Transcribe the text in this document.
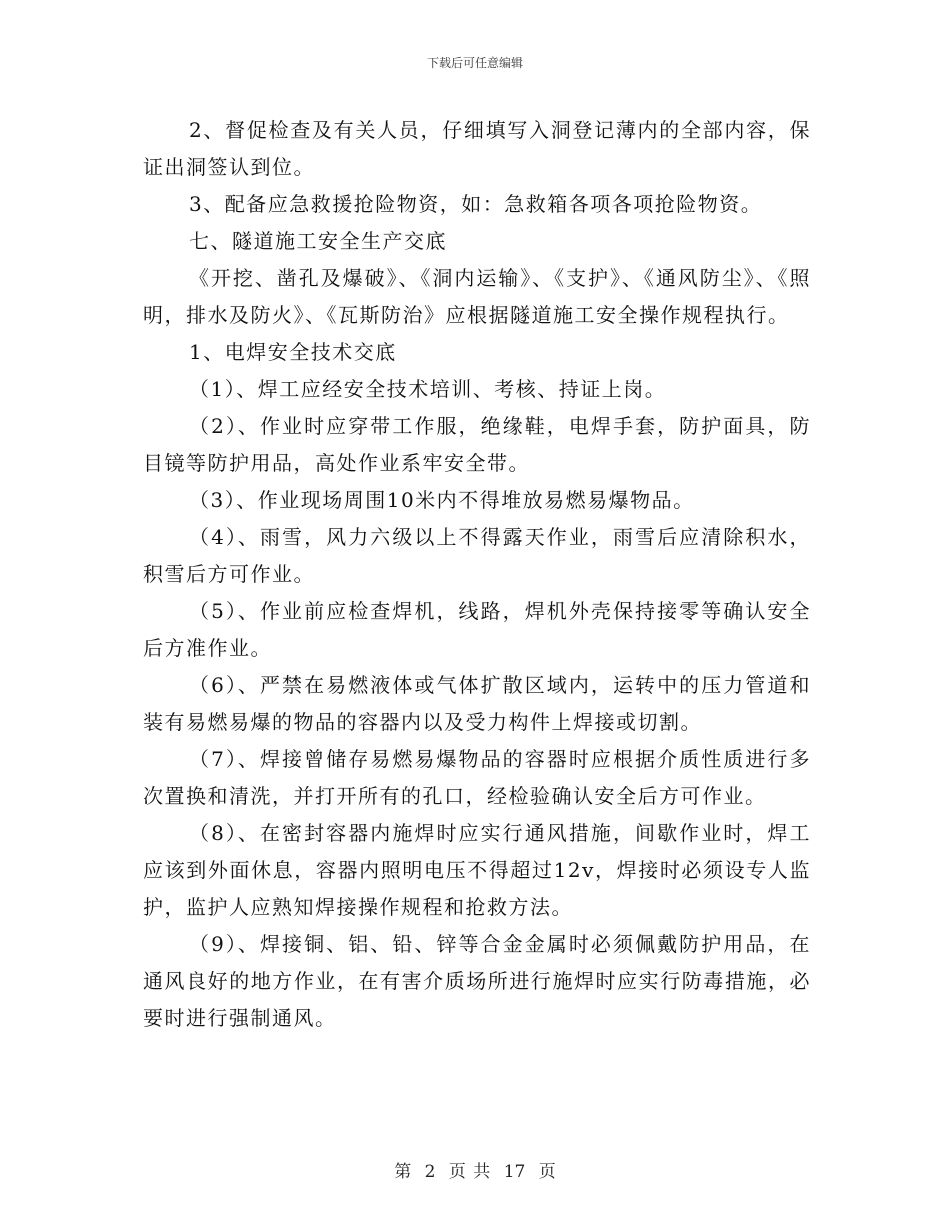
下载后可任意编辑

2、督促检查及有关人员，仔细填写入洞登记薄内的全部内容，保证出洞签认到位。

3、配备应急救援抢险物资，如：急救箱各项各项抢险物资。

七、隧道施工安全生产交底

《开挖、凿孔及爆破》、《洞内运输》、《支护》、《通风防尘》、《照明，排水及防火》、《瓦斯防治》应根据隧道施工安全操作规程执行。

1、电焊安全技术交底

（1）、焊工应经安全技术培训、考核、持证上岗。

（2）、作业时应穿带工作服，绝缘鞋，电焊手套，防护面具，防目镜等防护用品，高处作业系牢安全带。

（3）、作业现场周围10米内不得堆放易燃易爆物品。

（4）、雨雪，风力六级以上不得露天作业，雨雪后应清除积水，积雪后方可作业。

（5）、作业前应检查焊机，线路，焊机外壳保持接零等确认安全后方准作业。

（6）、严禁在易燃液体或气体扩散区域内，运转中的压力管道和装有易燃易爆的物品的容器内以及受力构件上焊接或切割。

（7）、焊接曾储存易燃易爆物品的容器时应根据介质性质进行多次置换和清洗，并打开所有的孔口，经检验确认安全后方可作业。

（8）、在密封容器内施焊时应实行通风措施，间歇作业时，焊工应该到外面休息，容器内照明电压不得超过12v，焊接时必须设专人监护，监护人应熟知焊接操作规程和抢救方法。

（9）、焊接铜、铝、铅、锌等合金金属时必须佩戴防护用品，在通风良好的地方作业，在有害介质场所进行施焊时应实行防毒措施，必要时进行强制通风。

第 2 页 共 17 页
